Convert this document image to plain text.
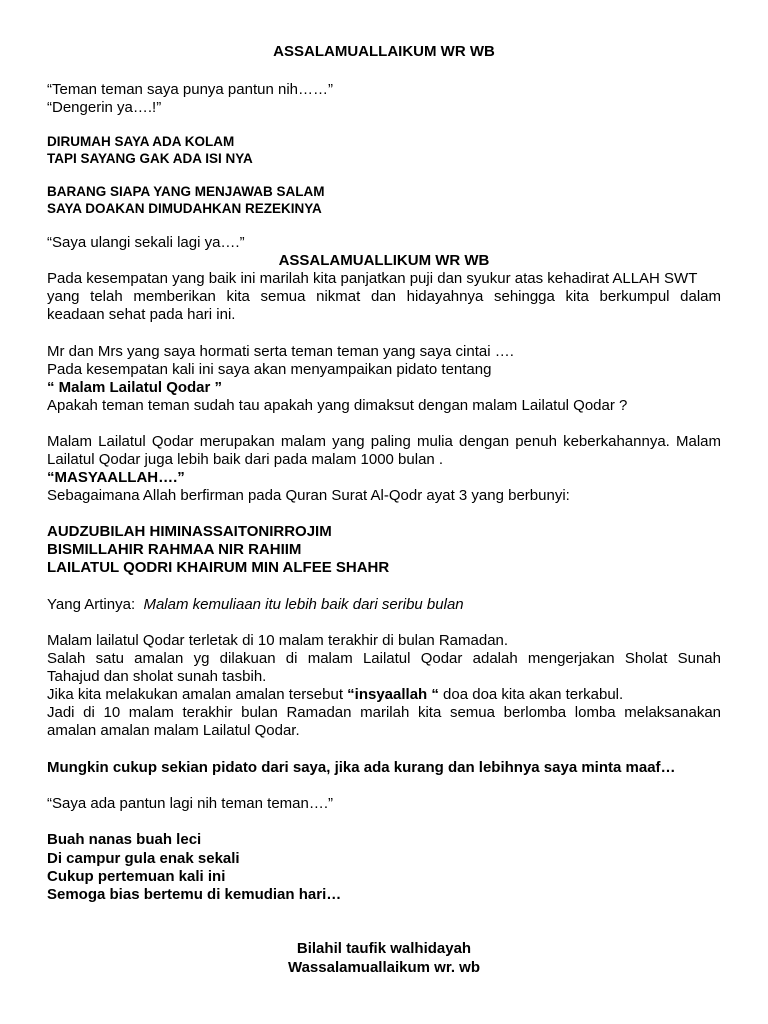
ASSALAMUALLAIKUM WR WB
“Teman teman saya punya pantun nih……”
“Dengerin ya….!”
DIRUMAH SAYA ADA KOLAM
TAPI SAYANG GAK ADA ISI NYA
BARANG SIAPA YANG MENJAWAB SALAM
SAYA DOAKAN DIMUDAHKAN REZEKINYA
“Saya ulangi sekali lagi ya….”
ASSALAMUALLIKUM WR WB
Pada kesempatan yang baik ini marilah kita panjatkan puji dan syukur atas kehadirat ALLAH SWT
yang telah memberikan kita semua nikmat dan hidayahnya sehingga kita berkumpul dalam
keadaan sehat pada hari ini.
Mr dan Mrs yang saya hormati serta teman teman yang saya cintai ….
Pada kesempatan kali ini saya akan menyampaikan pidato tentang
“ Malam Lailatul Qodar ”
Apakah teman teman sudah tau apakah yang dimaksut dengan malam Lailatul Qodar ?
Malam Lailatul Qodar merupakan malam yang paling mulia dengan penuh keberkahannya. Malam
Lailatul Qodar juga lebih baik dari pada malam 1000 bulan .
“MASYAALLAH….”
Sebagaimana Allah berfirman pada Quran Surat Al-Qodr ayat 3 yang berbunyi:
AUDZUBILAH HIMINASSAITONIRROJIM
BISMILLAHIR RAHMAA NIR RAHIIM
LAILATUL QODRI KHAIRUM MIN ALFEE SHAHR
Yang Artinya:  Malam kemuliaan itu lebih baik dari seribu bulan
Malam lailatul Qodar terletak di 10 malam terakhir di bulan Ramadan.
Salah satu amalan yg dilakuan di malam Lailatul Qodar adalah mengerjakan Sholat Sunah
Tahajud dan sholat sunah tasbih.
Jika kita melakukan amalan amalan tersebut “insyaallah “ doa doa kita akan terkabul.
Jadi di 10 malam terakhir bulan Ramadan marilah kita semua berlomba lomba melaksanakan
amalan amalan malam Lailatul Qodar.
Mungkin cukup sekian pidato dari saya, jika ada kurang dan lebihnya saya minta maaf…
“Saya ada pantun lagi nih teman teman….”
Buah nanas buah leci
Di campur gula enak sekali
Cukup pertemuan kali ini
Semoga bias bertemu di kemudian hari…
Bilahil taufik walhidayah
Wassalamuallaikum wr. wb
